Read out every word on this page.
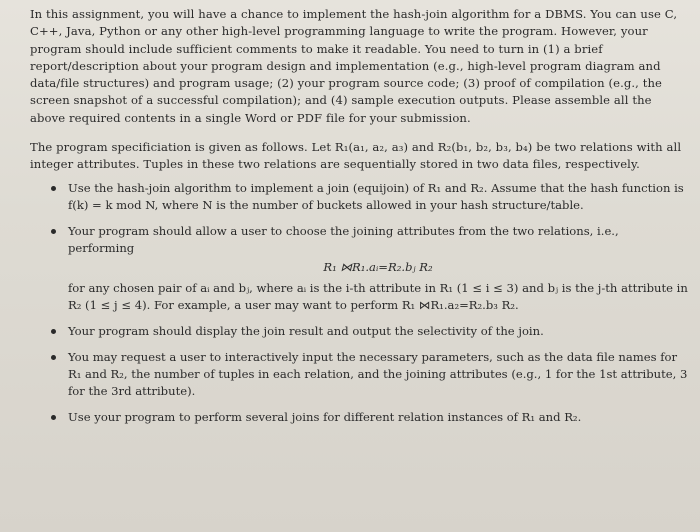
In this assignment, you will have a chance to implement the hash-join algorithm for a DBMS. You can use C, C++, Java, Python or any other high-level programming language to write the program. However, your program should include sufficient comments to make it readable. You need to turn in (1) a brief report/description about your program design and implementation (e.g., high-level program diagram and data/file structures) and program usage; (2) your program source code; (3) proof of compilation (e.g., the screen snapshot of a successful compilation); and (4) sample execution outputs. Please assemble all the above required contents in a single Word or PDF file for your submission.

The program specificiation is given as follows. Let R₁(a₁, a₂, a₃) and R₂(b₁, b₂, b₃, b₄) be two relations with all integer attributes. Tuples in these two relations are sequentially stored in two data files, respectively.

Use the hash-join algorithm to implement a join (equijoin) of R₁ and R₂. Assume that the hash function is f(k) = k mod N, where N is the number of buckets allowed in your hash structure/table.
Your program should allow a user to choose the joining attributes from the two relations, i.e., performing
R₁ ⋈R₁.aᵢ=R₂.bⱼ R₂
for any chosen pair of aᵢ and bⱼ, where aᵢ is the i-th attribute in R₁ (1 ≤ i ≤ 3) and bⱼ is the j-th attribute in R₂ (1 ≤ j ≤ 4). For example, a user may want to perform R₁ ⋈R₁.a₂=R₂.b₃ R₂.
Your program should display the join result and output the selectivity of the join.
You may request a user to interactively input the necessary parameters, such as the data file names for R₁ and R₂, the number of tuples in each relation, and the joining attributes (e.g., 1 for the 1st attribute, 3 for the 3rd attribute).
Use your program to perform several joins for different relation instances of R₁ and R₂.
